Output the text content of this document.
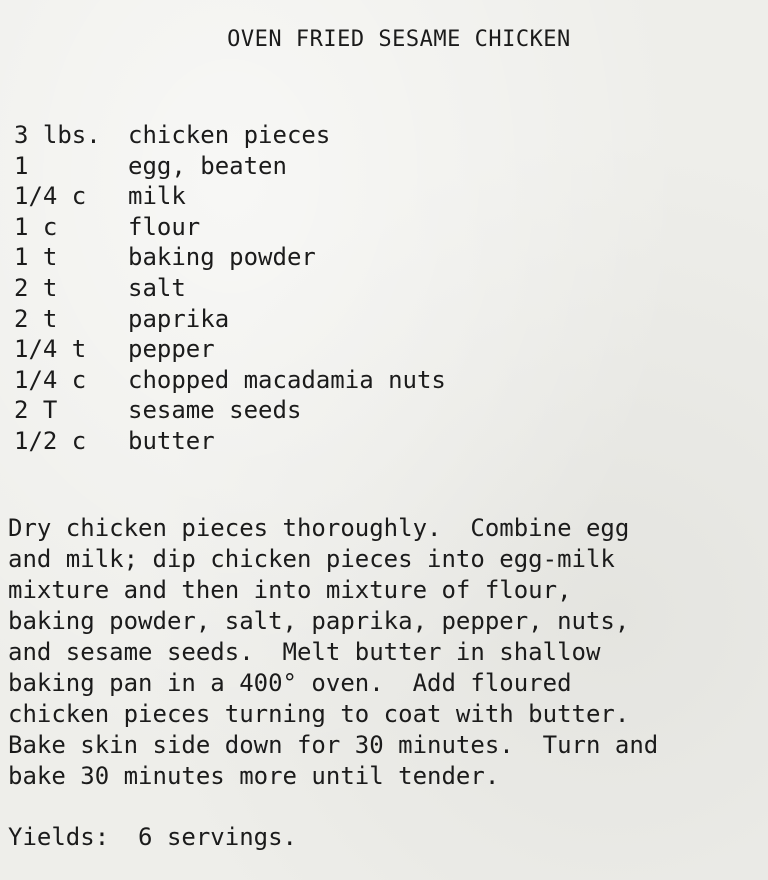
OVEN FRIED SESAME CHICKEN
3 lbs.	chicken pieces
1	egg, beaten
1/4 c	milk
1 c	flour
1 t	baking powder
2 t	salt
2 t	paprika
1/4 t	pepper
1/4 c	chopped macadamia nuts
2 T	sesame seeds
1/2 c	butter
Dry chicken pieces thoroughly.  Combine egg
and milk; dip chicken pieces into egg-milk
mixture and then into mixture of flour,
baking powder, salt, paprika, pepper, nuts,
and sesame seeds.  Melt butter in shallow
baking pan in a 400° oven.  Add floured
chicken pieces turning to coat with butter.
Bake skin side down for 30 minutes.  Turn and
bake 30 minutes more until tender.
Yields:  6 servings.
